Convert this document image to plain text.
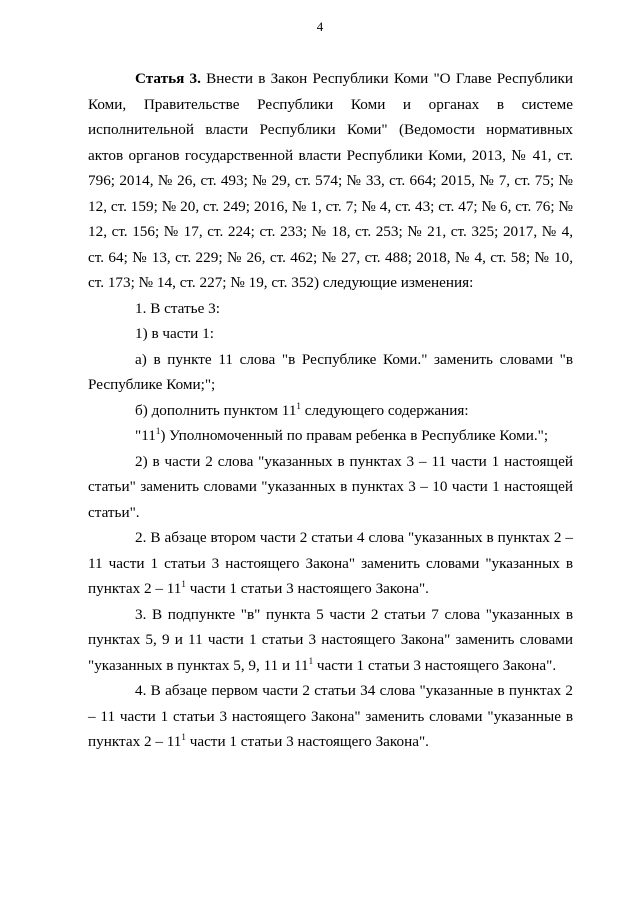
4

Статья 3. Внести в Закон Республики Коми "О Главе Республики Коми, Правительстве Республики Коми и органах в системе исполнительной власти Республики Коми" (Ведомости нормативных актов органов государственной власти Республики Коми, 2013, № 41, ст. 796; 2014, № 26, ст. 493; № 29, ст. 574; № 33, ст. 664; 2015, № 7, ст. 75; № 12, ст. 159; № 20, ст. 249; 2016, № 1, ст. 7; № 4, ст. 43; ст. 47; № 6, ст. 76; № 12, ст. 156; № 17, ст. 224; ст. 233; № 18, ст. 253; № 21, ст. 325; 2017, № 4, ст. 64; № 13, ст. 229; № 26, ст. 462; № 27, ст. 488; 2018, № 4, ст. 58; № 10, ст. 173; № 14, ст. 227; № 19, ст. 352) следующие изменения:

1. В статье 3:

1) в части 1:

а) в пункте 11 слова "в Республике Коми." заменить словами "в Республике Коми;";

б) дополнить пунктом $11^1$ следующего содержания:

"$11^1$) Уполномоченный по правам ребенка в Республике Коми.";

2) в части 2 слова "указанных в пунктах 3 – 11 части 1 настоящей статьи" заменить словами "указанных в пунктах 3 – 10 части 1 настоящей статьи".

2. В абзаце втором части 2 статьи 4 слова "указанных в пунктах 2 – 11 части 1 статьи 3 настоящего Закона" заменить словами "указанных в пунктах $2 - 11^1$ части 1 статьи 3 настоящего Закона".

3. В подпункте "в" пункта 5 части 2 статьи 7 слова "указанных в пунктах 5, 9 и 11 части 1 статьи 3 настоящего Закона" заменить словами "указанных в пунктах 5, 9, 11 и $11^1$ части 1 статьи 3 настоящего Закона".

4. В абзаце первом части 2 статьи 34 слова "указанные в пунктах 2 – 11 части 1 статьи 3 настоящего Закона" заменить словами "указанные в пунктах $2 - 11^1$ части 1 статьи 3 настоящего Закона".
